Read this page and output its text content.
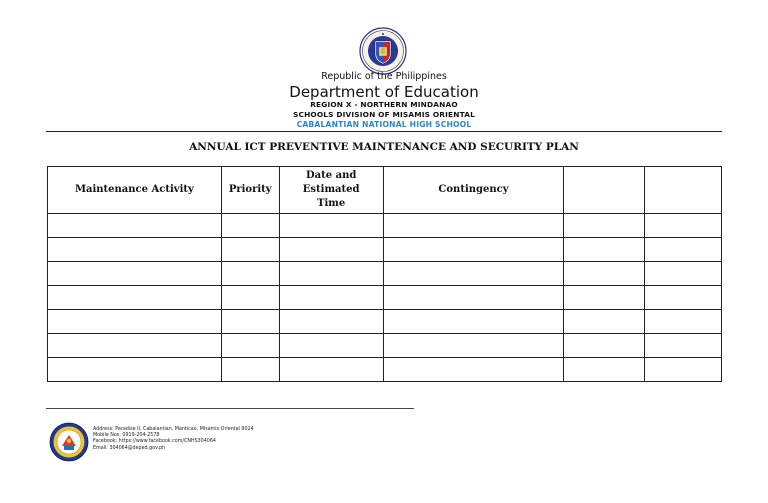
Republic of the Philippines
Department of Education
REGION X - NORTHERN MINDANAO
SCHOOLS DIVISION OF MISAMIS ORIENTAL
CABALANTIAN NATIONAL HIGH SCHOOL
ANNUAL ICT PREVENTIVE MAINTENANCE AND SECURITY PLAN
Maintenance Activity	Priority	Date and Estimated Time	Contingency		

Address: Paradise II, Cabalantian, Manticao, Misamis Oriental 9024
Mobile Nos: 0919-204-2578
Facebook: https://www.facebook.com/CNHS304064
Email: 304064@deped.gov.ph
